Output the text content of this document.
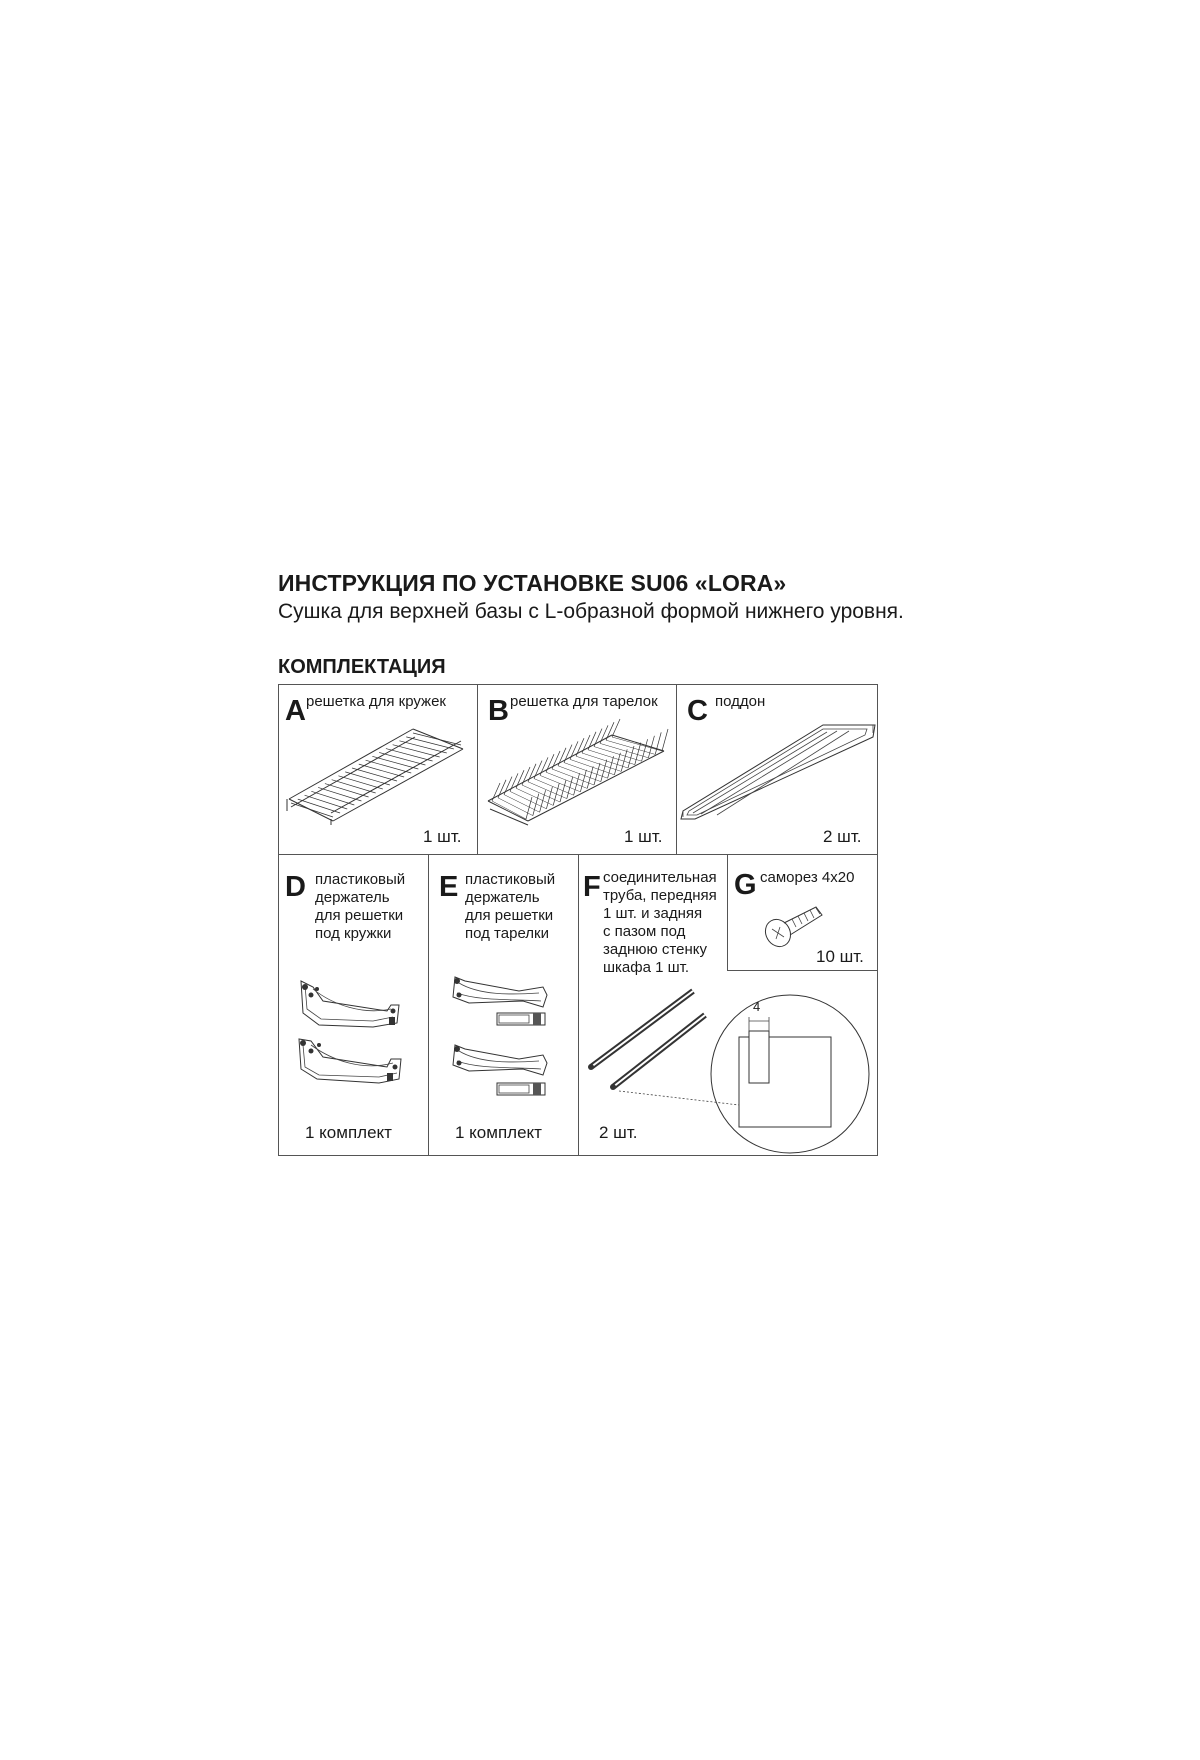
ИНСТРУКЦИЯ ПО УСТАНОВКЕ SU06 «LORA»
Сушка для верхней базы с L-образной формой нижнего уровня.
КОМПЛЕКТАЦИЯ
A решетка для кружек
1 шт.
B решетка для тарелок
1 шт.
C поддон
2 шт.
D пластиковый
держатель
для решетки
под кружки
1 комплект
E пластиковый
держатель
для решетки
под тарелки
1 комплект
F соединительная
труба, передняя
1 шт. и задняя
с пазом под
заднюю стенку
шкафа 1 шт.
4
2 шт.
G саморез 4х20
10 шт.
